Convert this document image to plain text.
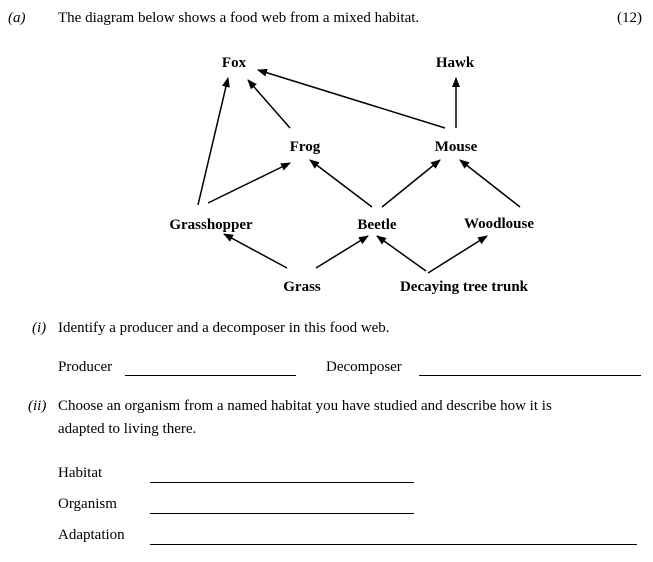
(a) The diagram below shows a food web from a mixed habitat.	(12)
Fox	Hawk
Frog	Mouse
Grasshopper	Beetle	Woodlouse
Grass	Decaying tree trunk
(i) Identify a producer and a decomposer in this food web.
Producer	Decomposer
(ii) Choose an organism from a named habitat you have studied and describe how it is
adapted to living there.
Habitat
Organism
Adaptation
